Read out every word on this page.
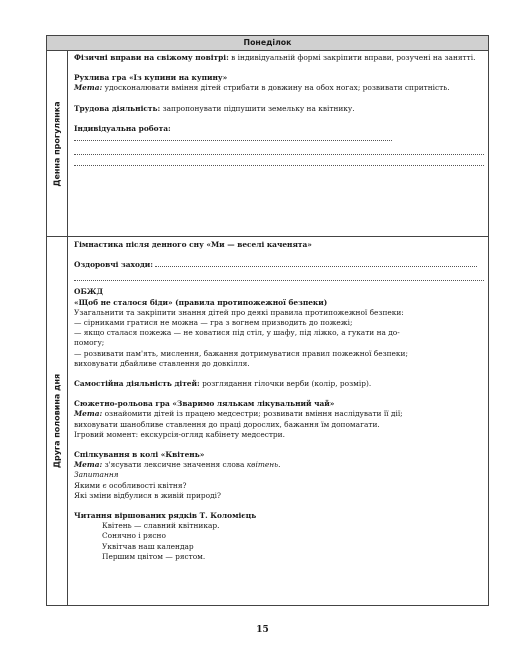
Понеділок
Денна прогулянка
Друга половина дня

Фізичні вправи на свіжому повітрі: в індивідуальній формі закріпити вправи, розучені на занятті.

Рухлива гра «Із купини на купину»

Мета: удосконалювати вміння дітей стрибати в довжину на обох ногах; розвивати спритність.

Трудова діяльність: запропонувати підпушити земельку на квітнику.

Індивідуальна робота:

Гімнастика після денного сну «Ми — веселі каченята»

Оздоровчі заходи:

ОБЖД

«Щоб не сталося біди» (правила протипожежної безпеки)

Узагальнити та закріпити знання дітей про деякі правила протипожежної безпеки:

— сірниками гратися не можна — гра з вогнем призводить до пожежі;

— якщо сталася пожежа — не ховатися під стіл, у шафу, під ліжко, а гукати на до-

помогу;

— розвивати пам'ять, мислення, бажання дотримуватися правил пожежної безпеки;

виховувати дбайливе ставлення до довкілля.

Самостійна діяльність дітей: розглядання гілочки верби (колір, розмір).

Сюжетно-рольова гра «Зваримо лялькам лікувальний чай»

Мета: ознайомити дітей із працею медсестри; розвивати вміння наслідувати її дії;

виховувати шанобливе ставлення до праці дорослих, бажання їм допомагати.

Ігровий момент: екскурсія-огляд кабінету медсестри.

Спілкування в колі «Квітень»

Мета: з'ясувати лексичне значення слова квітень.

Запитання

Якими є особливості квітня?

Які зміни відбулися в живій природі?

Читання віршованих рядків Т. Коломієць

Квітень — славний квітникар.

Сонячно і рясно

Уквітчав наш календар

Першим цвітом — рястом.

15
